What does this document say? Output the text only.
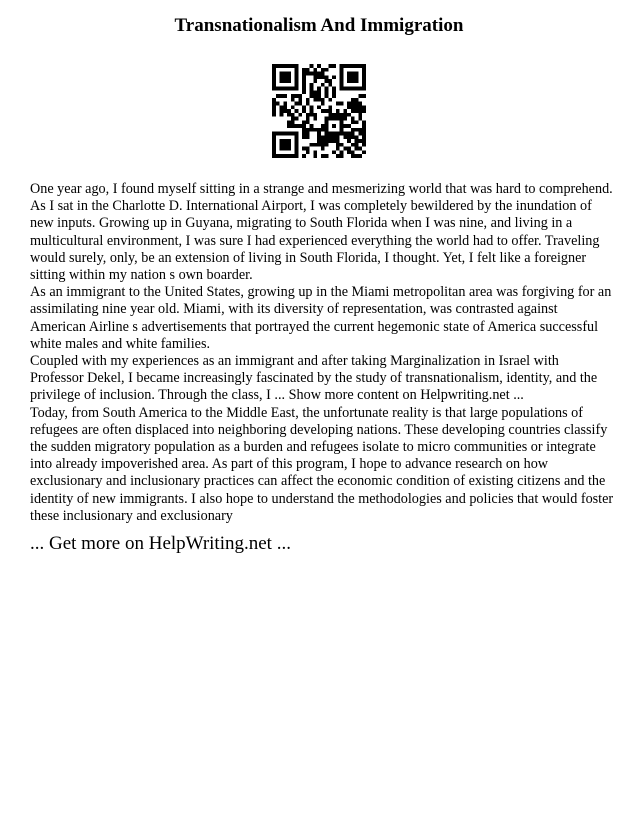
Transnationalism And Immigration

One year ago, I found myself sitting in a strange and mesmerizing world that was hard to comprehend. As I sat in the Charlotte D. International Airport, I was completely bewildered by the inundation of new inputs. Growing up in Guyana, migrating to South Florida when I was nine, and living in a multicultural environment, I was sure I had experienced everything the world had to offer. Traveling would surely, only, be an extension of living in South Florida, I thought. Yet, I felt like a foreigner sitting within my nation s own boarder.

As an immigrant to the United States, growing up in the Miami metropolitan area was forgiving for an assimilating nine year old. Miami, with its diversity of representation, was contrasted against American Airline s advertisements that portrayed the current hegemonic state of America successful white males and white families.

Coupled with my experiences as an immigrant and after taking Marginalization in Israel with Professor Dekel, I became increasingly fascinated by the study of transnationalism, identity, and the privilege of inclusion. Through the class, I ... Show more content on Helpwriting.net ...

Today, from South America to the Middle East, the unfortunate reality is that large populations of refugees are often displaced into neighboring developing nations. These developing countries classify the sudden migratory population as a burden and refugees isolate to micro communities or integrate into already impoverished area. As part of this program, I hope to advance research on how exclusionary and inclusionary practices can affect the economic condition of existing citizens and the identity of new immigrants. I also hope to understand the methodologies and policies that would foster these inclusionary and exclusionary

... Get more on HelpWriting.net ...
